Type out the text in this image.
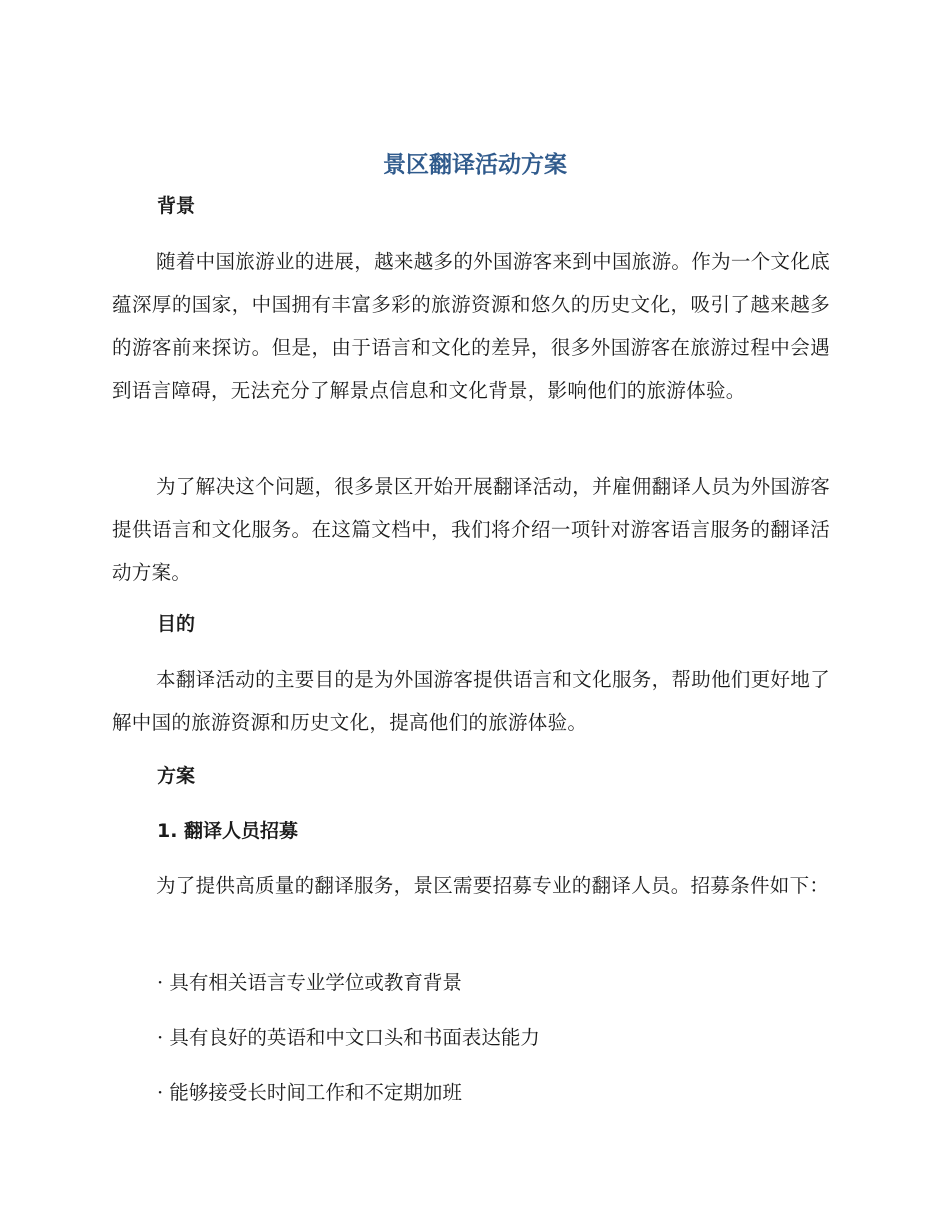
景区翻译活动方案
背景
随着中国旅游业的进展，越来越多的外国游客来到中国旅游。作为一个文化底蕴深厚的国家，中国拥有丰富多彩的旅游资源和悠久的历史文化，吸引了越来越多的游客前来探访。但是，由于语言和文化的差异，很多外国游客在旅游过程中会遇到语言障碍，无法充分了解景点信息和文化背景，影响他们的旅游体验。
为了解决这个问题，很多景区开始开展翻译活动，并雇佣翻译人员为外国游客提供语言和文化服务。在这篇文档中，我们将介绍一项针对游客语言服务的翻译活动方案。
目的
本翻译活动的主要目的是为外国游客提供语言和文化服务，帮助他们更好地了解中国的旅游资源和历史文化，提高他们的旅游体验。
方案
1. 翻译人员招募
为了提供高质量的翻译服务，景区需要招募专业的翻译人员。招募条件如下：
· 具有相关语言专业学位或教育背景
· 具有良好的英语和中文口头和书面表达能力
· 能够接受长时间工作和不定期加班
